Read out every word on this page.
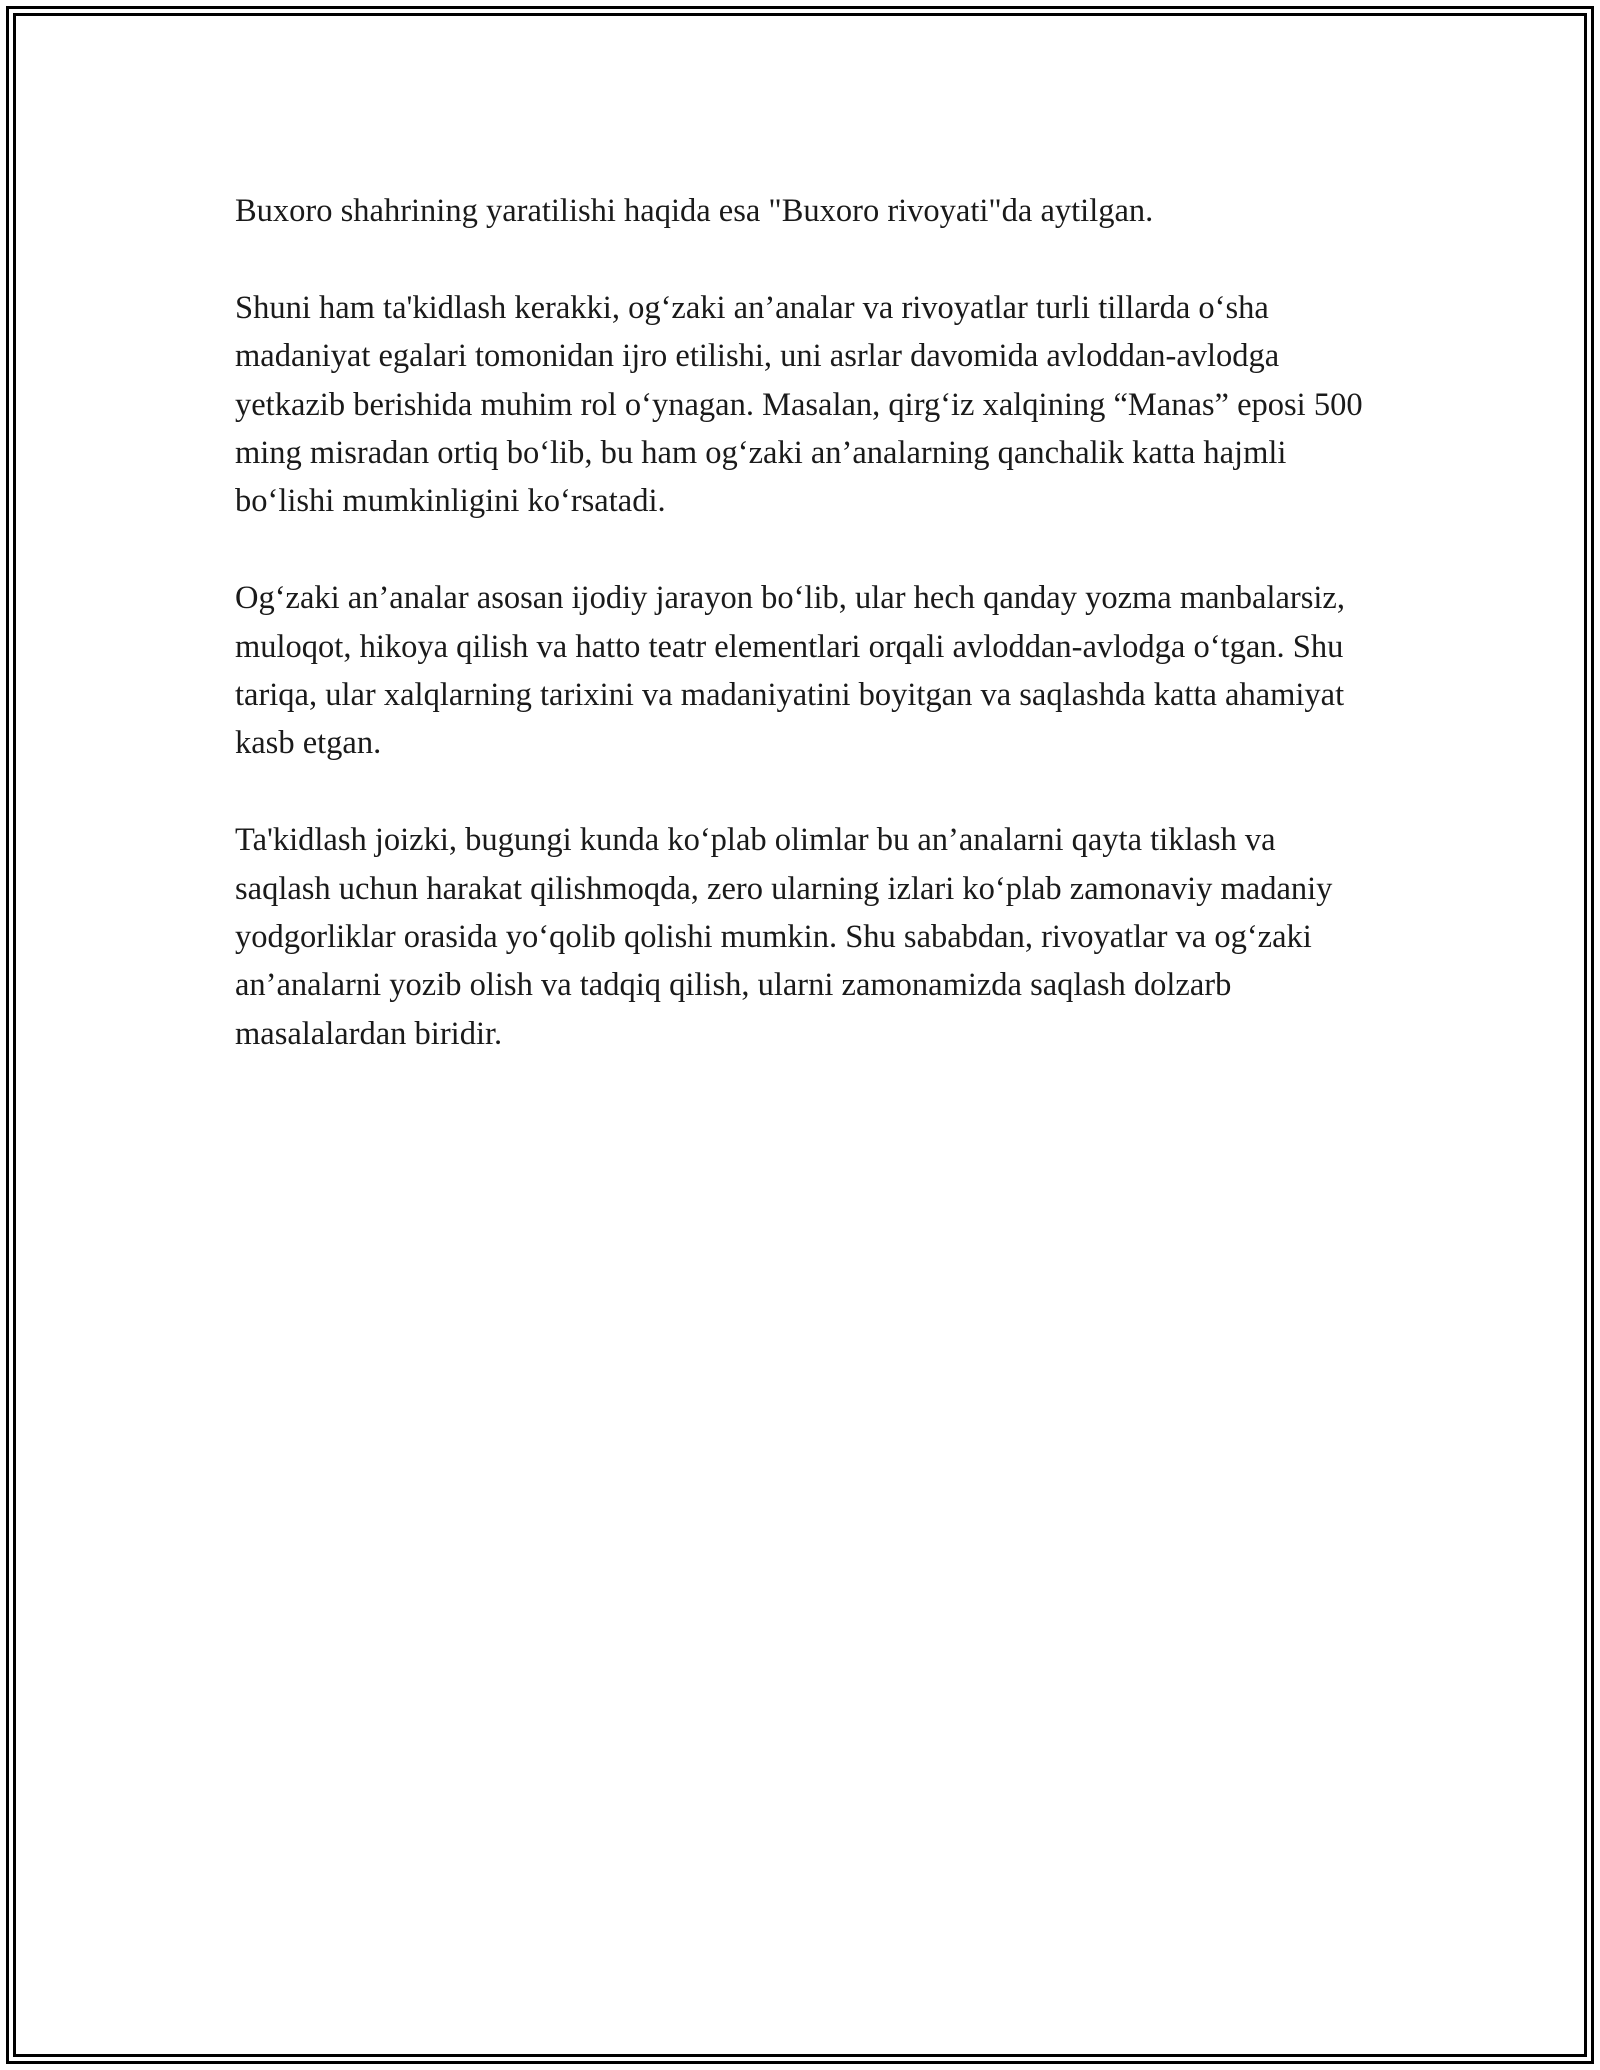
Buxoro shahrining yaratilishi haqida esa "Buxoro rivoyati"da aytilgan.

Shuni ham ta'kidlash kerakki, og‘zaki an’analar va rivoyatlar turli tillarda o‘sha madaniyat egalari tomonidan ijro etilishi, uni asrlar davomida avloddan-avlodga yetkazib berishida muhim rol o‘ynagan. Masalan, qirg‘iz xalqining “Manas” eposi 500 ming misradan ortiq bo‘lib, bu ham og‘zaki an’analarning qanchalik katta hajmli bo‘lishi mumkinligini ko‘rsatadi.

Og‘zaki an’analar asosan ijodiy jarayon bo‘lib, ular hech qanday yozma manbalarsiz, muloqot, hikoya qilish va hatto teatr elementlari orqali avloddan-avlodga o‘tgan. Shu tariqa, ular xalqlarning tarixini va madaniyatini boyitgan va saqlashda katta ahamiyat kasb etgan.

Ta'kidlash joizki, bugungi kunda ko‘plab olimlar bu an’analarni qayta tiklash va saqlash uchun harakat qilishmoqda, zero ularning izlari ko‘plab zamonaviy madaniy yodgorliklar orasida yo‘qolib qolishi mumkin. Shu sababdan, rivoyatlar va og‘zaki an’analarni yozib olish va tadqiq qilish, ularni zamonamizda saqlash dolzarb masalalardan biridir.
